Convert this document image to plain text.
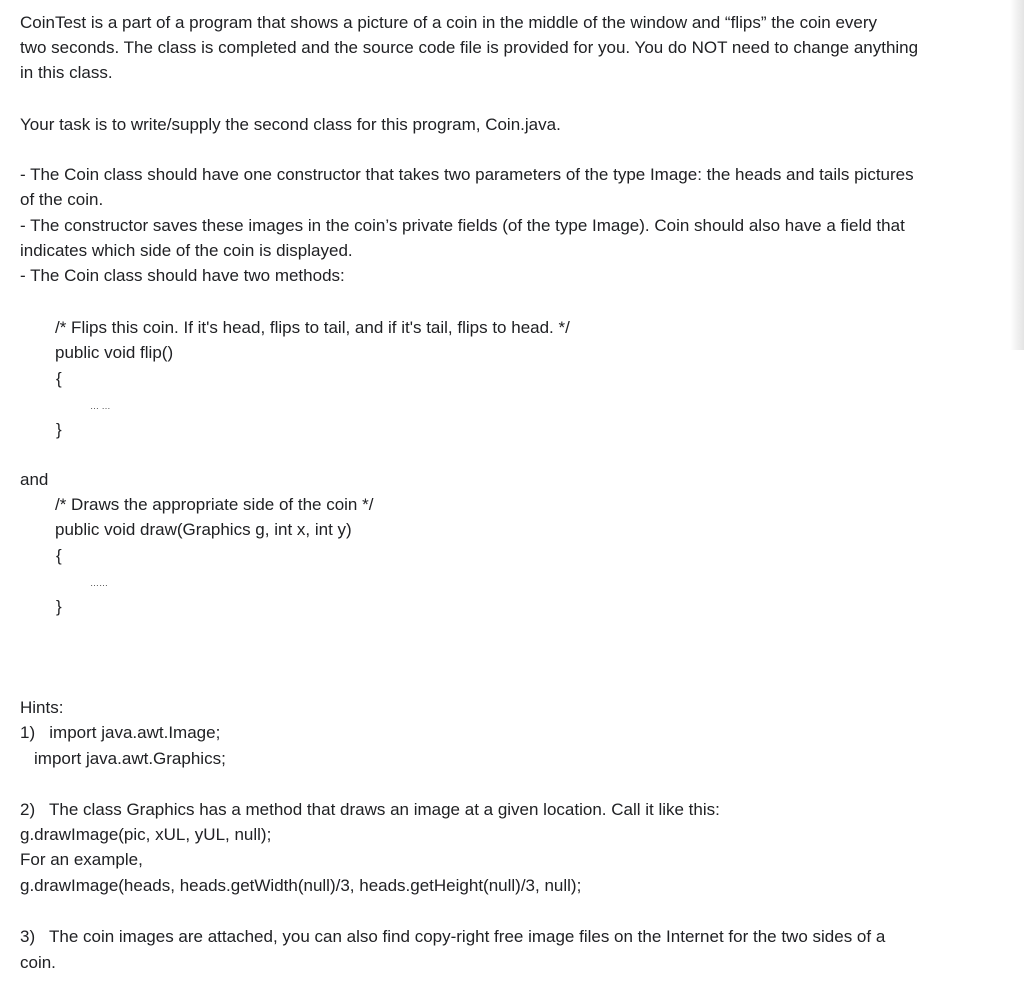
CoinTest is a part of a program that shows a picture of a coin in the middle of the window and “flips” the coin every
two seconds. The class is completed and the source code file is provided for you. You do NOT need to change anything
in this class.
Your task is to write/supply the second class for this program, Coin.java.
- The Coin class should have one constructor that takes two parameters of the type Image: the heads and tails pictures
of the coin.
- The constructor saves these images in the coin’s private fields (of the type Image). Coin should also have a field that
indicates which side of the coin is displayed.
- The Coin class should have two methods:
/* Flips this coin. If it's head, flips to tail, and if it's tail, flips to head. */
public void flip()
{
… …
}
and
/* Draws the appropriate side of the coin */
public void draw(Graphics g, int x, int y)
{
……
}
Hints:
1)   import java.awt.Image;
import java.awt.Graphics;
2)   The class Graphics has a method that draws an image at a given location. Call it like this:
g.drawImage(pic, xUL, yUL, null);
For an example,
g.drawImage(heads, heads.getWidth(null)/3, heads.getHeight(null)/3, null);
3)   The coin images are attached, you can also find copy-right free image files on the Internet for the two sides of a
coin.
